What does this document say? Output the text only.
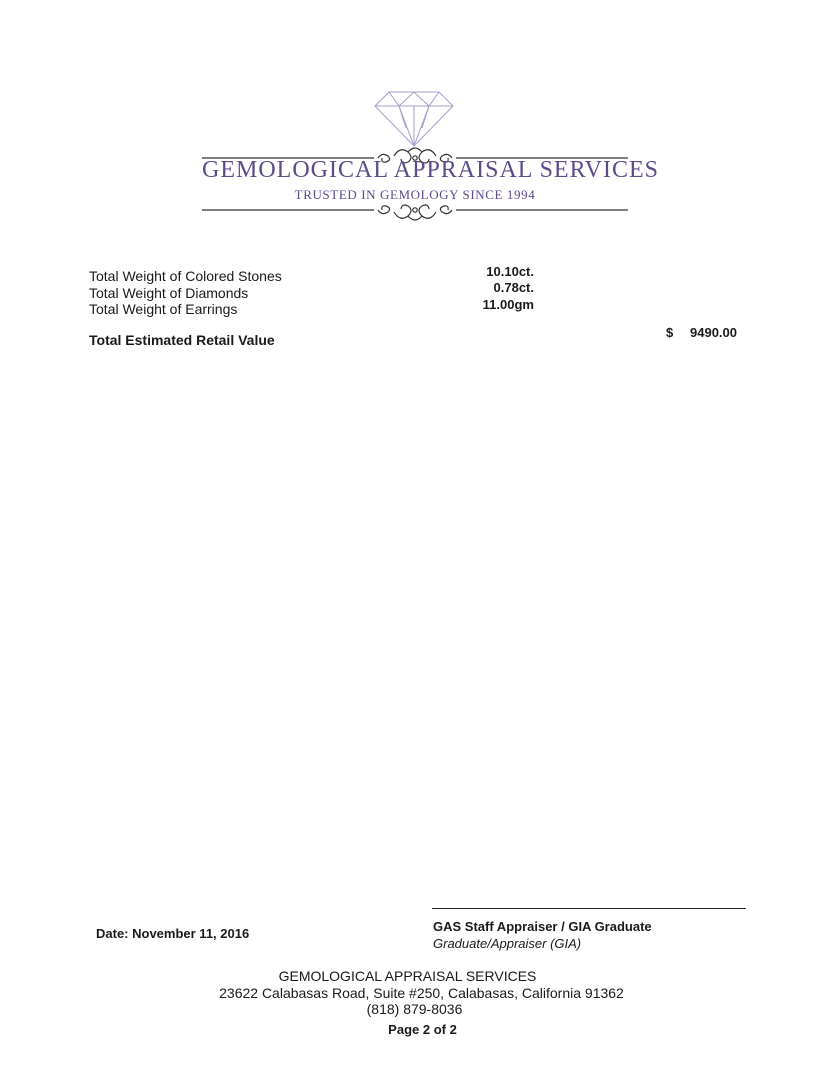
GEMOLOGICAL APPRAISAL SERVICES
TRUSTED IN GEMOLOGY SINCE 1994
Total Weight of Colored Stones	10.10ct.
Total Weight of Diamonds	0.78ct.
Total Weight of Earrings	11.00gm
Total Estimated Retail Value	$ 9490.00
Date: November 11, 2016	GAS Staff Appraiser / GIA Graduate
Graduate/Appraiser (GIA)
GEMOLOGICAL APPRAISAL SERVICES
23622 Calabasas Road, Suite #250, Calabasas, California 91362
(818) 879-8036
Page 2 of 2
